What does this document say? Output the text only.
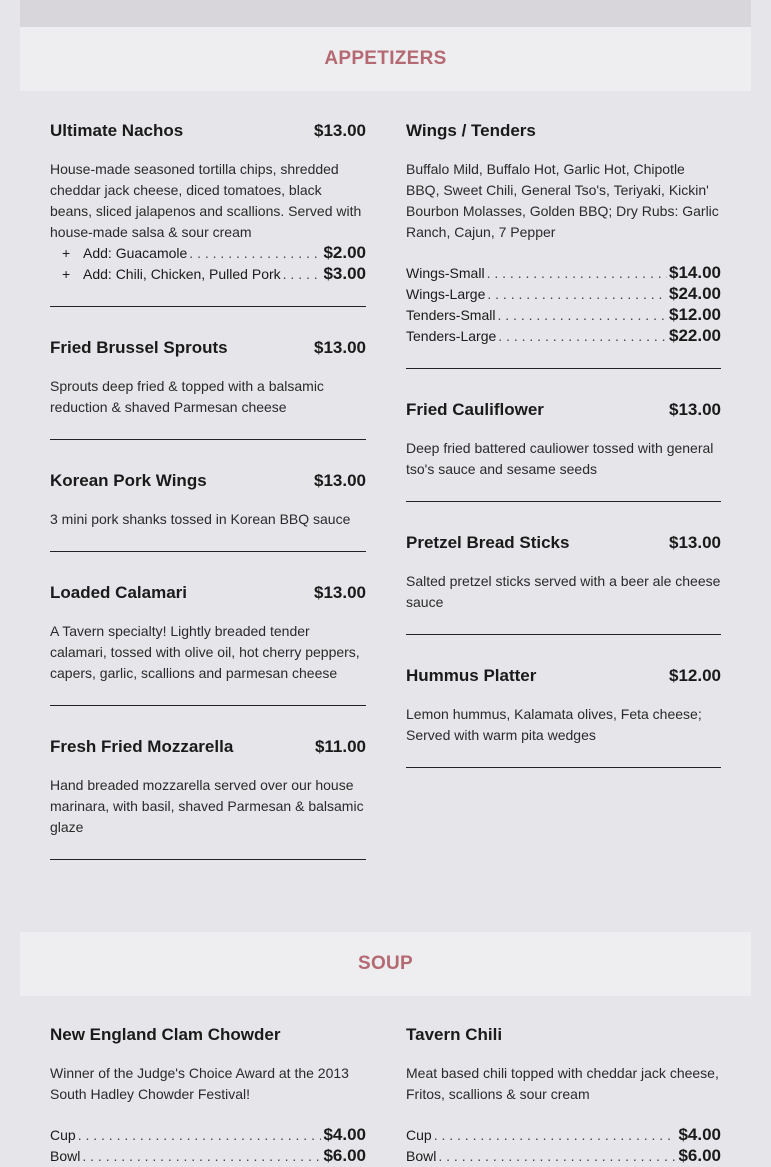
APPETIZERS
Ultimate Nachos	$13.00
House-made seasoned tortilla chips, shredded cheddar jack cheese, diced tomatoes, black beans, sliced jalapenos and scallions. Served with house-made salsa & sour cream
+ Add: Guacamole . . .	$2.00
+ Add: Chili, Chicken, Pulled Pork . . .	$3.00
Fried Brussel Sprouts	$13.00
Sprouts deep fried & topped with a balsamic reduction & shaved Parmesan cheese
Korean Pork Wings	$13.00
3 mini pork shanks tossed in Korean BBQ sauce
Loaded Calamari	$13.00
A Tavern specialty! Lightly breaded tender calamari, tossed with olive oil, hot cherry peppers, capers, garlic, scallions and parmesan cheese
Fresh Fried Mozzarella	$11.00
Hand breaded mozzarella served over our house marinara, with basil, shaved Parmesan & balsamic glaze
Wings / Tenders
Buffalo Mild, Buffalo Hot, Garlic Hot, Chipotle BBQ, Sweet Chili, General Tso's, Teriyaki, Kickin' Bourbon Molasses, Golden BBQ; Dry Rubs: Garlic Ranch, Cajun, 7 Pepper
Wings-Small . . .	$14.00
Wings-Large . . .	$24.00
Tenders-Small . . .	$12.00
Tenders-Large . . .	$22.00
Fried Cauliflower	$13.00
Deep fried battered cauliower tossed with general tso's sauce and sesame seeds
Pretzel Bread Sticks	$13.00
Salted pretzel sticks served with a beer ale cheese sauce
Hummus Platter	$12.00
Lemon hummus, Kalamata olives, Feta cheese; Served with warm pita wedges
SOUP
New England Clam Chowder
Winner of the Judge's Choice Award at the 2013 South Hadley Chowder Festival!
Cup . . .	$4.00
Bowl . . .	$6.00
Tavern Chili
Meat based chili topped with cheddar jack cheese, Fritos, scallions & sour cream
Cup . . .	$4.00
Bowl . . .	$6.00
